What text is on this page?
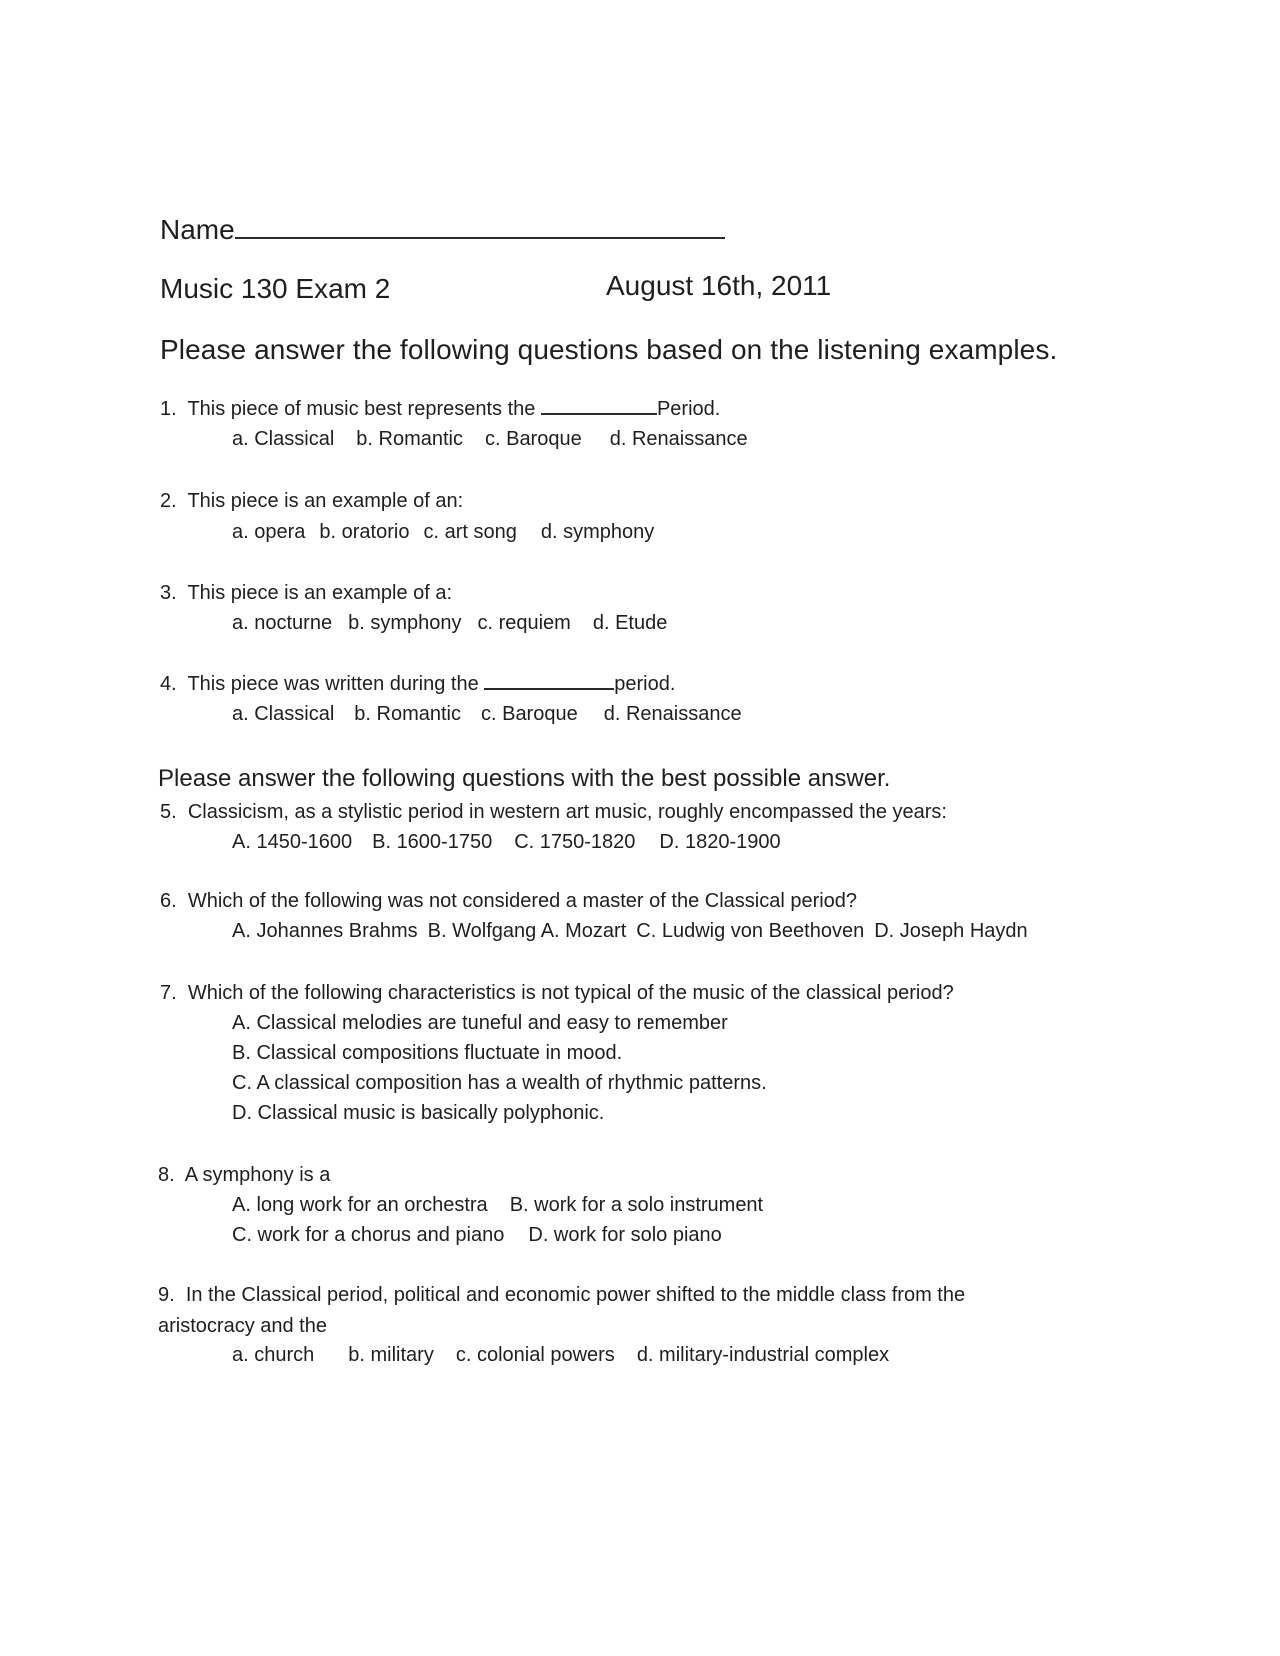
Name
Music 130 Exam 2	August 16th, 2011
Please answer the following questions based on the listening examples.
1. This piece of music best represents the	Period.
a. Classical b. Romantic c. Baroque d. Renaissance
2. This piece is an example of an:
a. opera b. oratorio c. art song d. symphony
3. This piece is an example of a:
a. nocturne b. symphony c. requiem d. Etude
4. This piece was written during the	period.
a. Classical b. Romantic c. Baroque d. Renaissance
Please answer the following questions with the best possible answer.
5. Classicism, as a stylistic period in western art music, roughly encompassed the years:
A. 1450-1600 B. 1600-1750 C. 1750-1820 D. 1820-1900
6. Which of the following was not considered a master of the Classical period?
A. Johannes Brahms B. Wolfgang A. Mozart C. Ludwig von Beethoven D. Joseph Haydn
7. Which of the following characteristics is not typical of the music of the classical period?
A. Classical melodies are tuneful and easy to remember
B. Classical compositions fluctuate in mood.
C. A classical composition has a wealth of rhythmic patterns.
D. Classical music is basically polyphonic.
8. A symphony is a
A. long work for an orchestra B. work for a solo instrument
C. work for a chorus and piano D. work for solo piano
9. In the Classical period, political and economic power shifted to the middle class from the
aristocracy and the
a. church b. military c. colonial powers d. military-industrial complex
